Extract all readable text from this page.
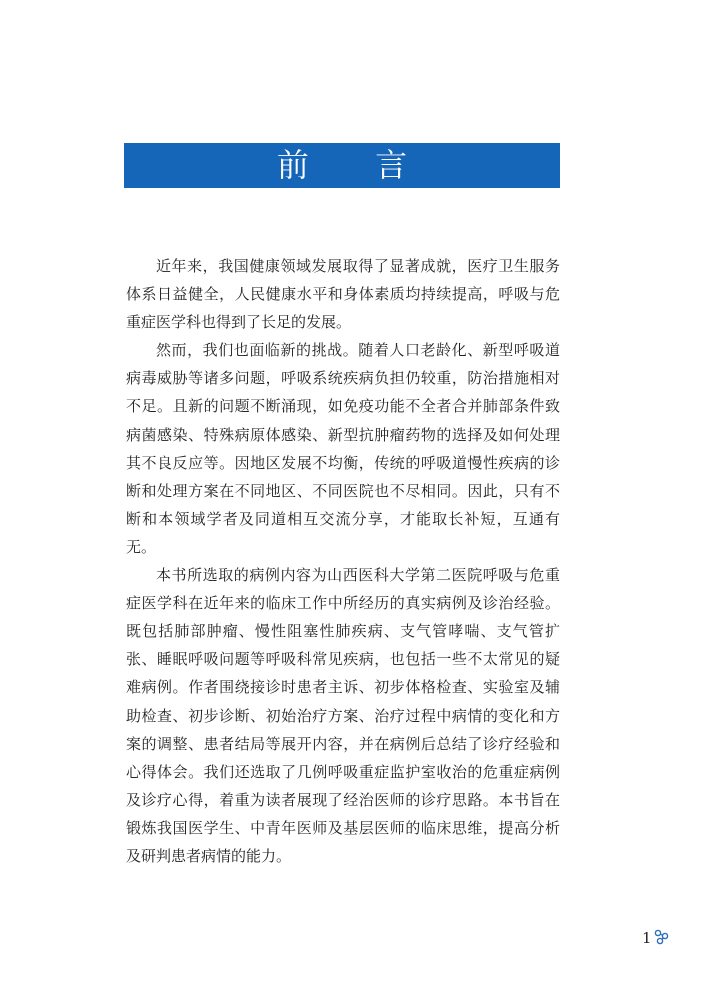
前 言

近年来，我国健康领域发展取得了显著成就，医疗卫生服务体系日益健全，人民健康水平和身体素质均持续提高，呼吸与危重症医学科也得到了长足的发展。

然而，我们也面临新的挑战。随着人口老龄化、新型呼吸道病毒威胁等诸多问题，呼吸系统疾病负担仍较重，防治措施相对不足。且新的问题不断涌现，如免疫功能不全者合并肺部条件致病菌感染、特殊病原体感染、新型抗肿瘤药物的选择及如何处理其不良反应等。因地区发展不均衡，传统的呼吸道慢性疾病的诊断和处理方案在不同地区、不同医院也不尽相同。因此，只有不断和本领域学者及同道相互交流分享，才能取长补短，互通有无。

本书所选取的病例内容为山西医科大学第二医院呼吸与危重症医学科在近年来的临床工作中所经历的真实病例及诊治经验。既包括肺部肿瘤、慢性阻塞性肺疾病、支气管哮喘、支气管扩张、睡眠呼吸问题等呼吸科常见疾病，也包括一些不太常见的疑难病例。作者围绕接诊时患者主诉、初步体格检查、实验室及辅助检查、初步诊断、初始治疗方案、治疗过程中病情的变化和方案的调整、患者结局等展开内容，并在病例后总结了诊疗经验和心得体会。我们还选取了几例呼吸重症监护室收治的危重症病例及诊疗心得，着重为读者展现了经治医师的诊疗思路。本书旨在锻炼我国医学生、中青年医师及基层医师的临床思维，提高分析及研判患者病情的能力。

1
